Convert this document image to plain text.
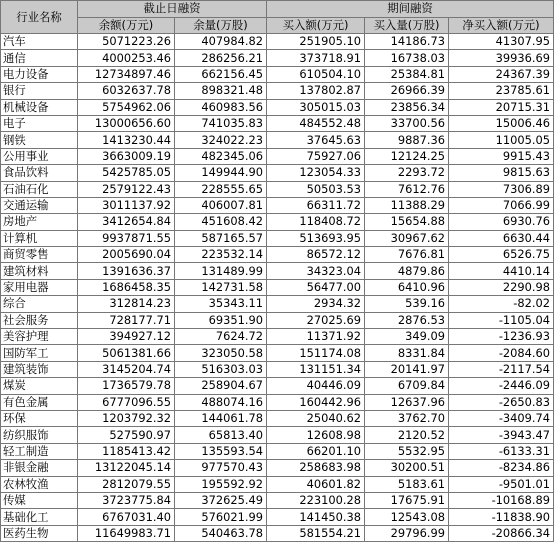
行业名称	截止日融资		期间融资		
	余额(万元)	余量(万股)	买入额(万元)	买入量(万股)	净买入额(万元)
汽车	5071223.26	407984.82	251905.10	14186.73	41307.95
通信	4000253.46	286256.21	373718.91	16738.03	39936.69
电力设备	12734897.46	662156.45	610504.10	25384.81	24367.39
银行	6032637.78	898321.48	137802.87	26966.39	23785.61
机械设备	5754962.06	460983.56	305015.03	23856.34	20715.31
电子	13000656.60	741035.83	484552.48	33700.56	15006.46
钢铁	1413230.44	324022.23	37645.63	9887.36	11005.05
公用事业	3663009.19	482345.06	75927.06	12124.25	9915.43
食品饮料	5425785.05	149944.90	123054.33	2293.72	9815.63
石油石化	2579122.43	228555.65	50503.53	7612.76	7306.89
交通运输	3011137.92	406007.81	66311.72	11388.29	7066.99
房地产	3412654.84	451608.42	118408.72	15654.88	6930.76
计算机	9937871.55	587165.57	513693.95	30967.62	6630.44
商贸零售	2005690.04	223532.14	86572.12	7676.81	6526.75
建筑材料	1391636.37	131489.99	34323.04	4879.86	4410.14
家用电器	1686458.35	142731.58	56477.00	6410.96	2290.98
综合	312814.23	35343.11	2934.32	539.16	-82.02
社会服务	728177.71	69351.90	27025.69	2876.53	-1105.04
美容护理	394927.12	7624.72	11371.92	349.09	-1236.93
国防军工	5061381.66	323050.58	151174.08	8331.84	-2084.60
建筑装饰	3145204.74	516303.03	131151.34	20141.97	-2117.54
煤炭	1736579.78	258904.67	40446.09	6709.84	-2446.09
有色金属	6777096.55	488074.16	160442.96	12637.96	-2650.83
环保	1203792.32	144061.78	25040.62	3762.70	-3409.74
纺织服饰	527590.97	65813.40	12608.98	2120.52	-3943.47
轻工制造	1185413.42	135593.54	66201.10	5532.95	-6133.31
非银金融	13122045.14	977570.43	258683.98	30200.51	-8234.86
农林牧渔	2812079.55	195592.92	40601.82	5183.61	-9501.01
传媒	3723775.84	372625.49	223100.28	17675.91	-10168.89
基础化工	6767031.40	576021.99	141450.38	12543.08	-11838.90
医药生物	11649983.71	540463.78	581554.21	29796.99	-20866.34
